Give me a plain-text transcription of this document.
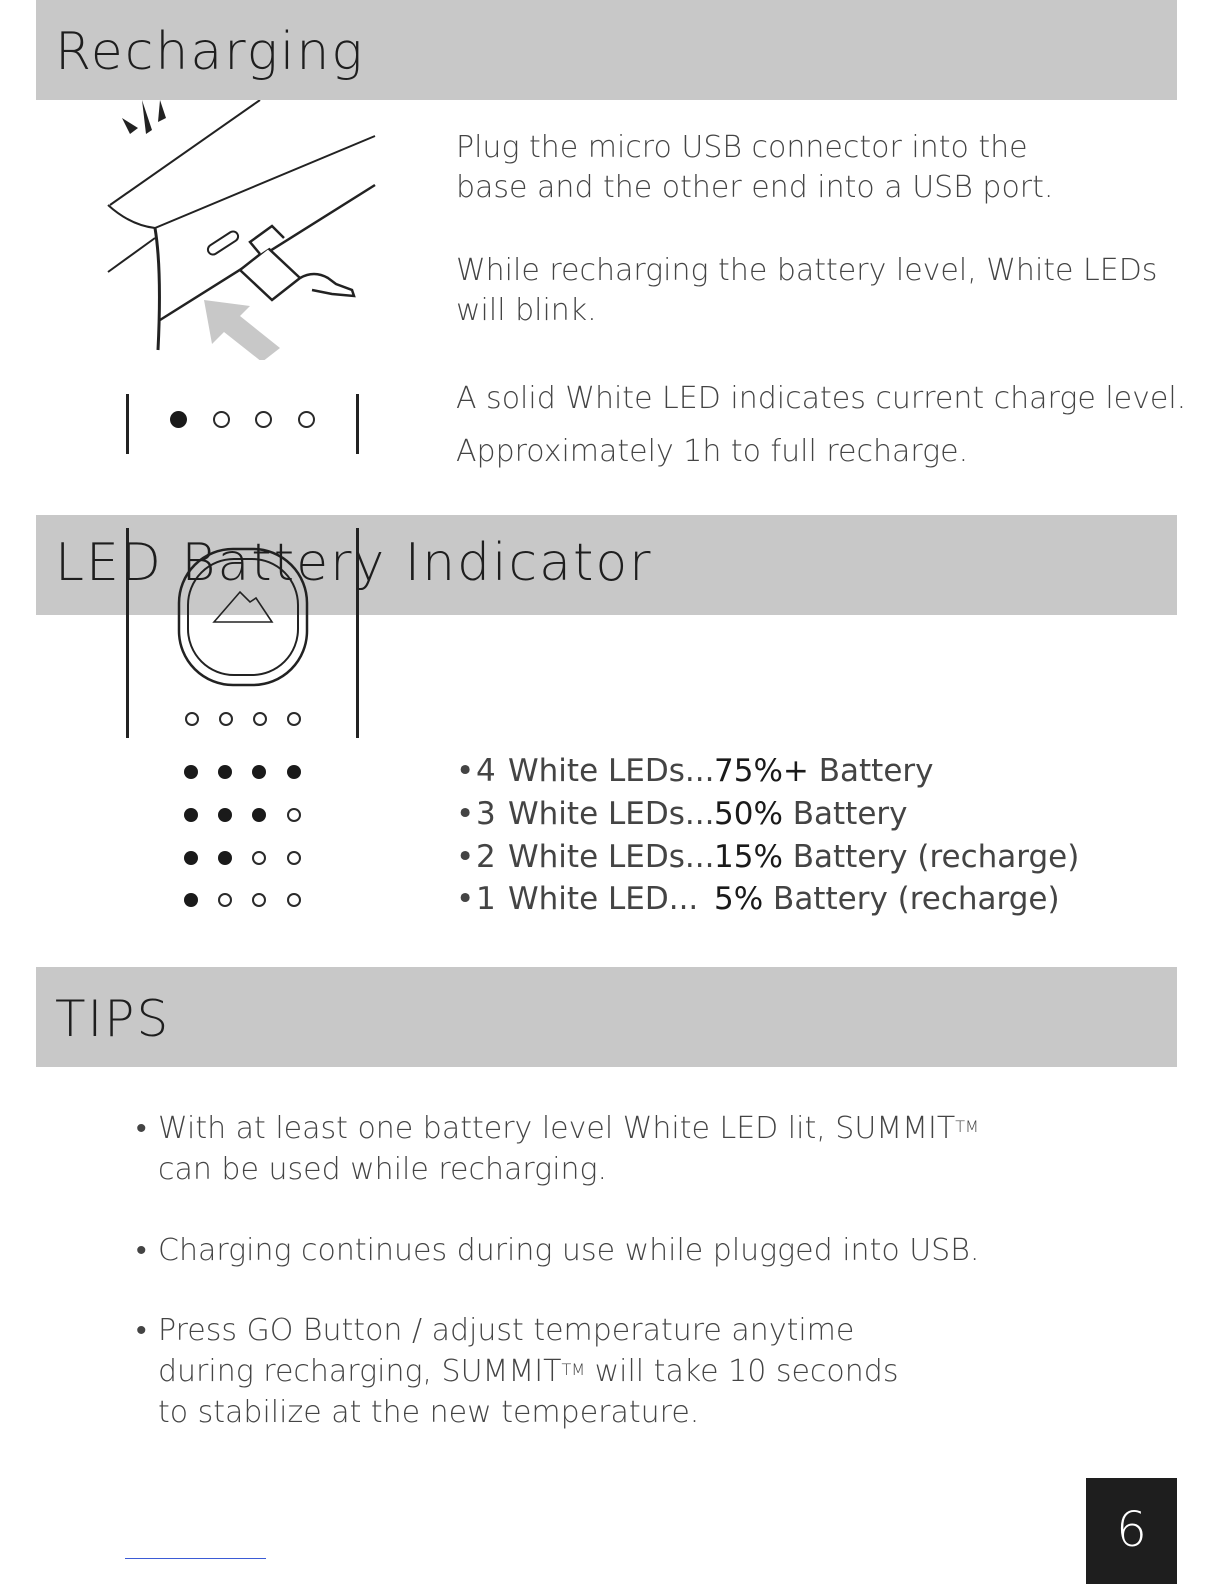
Recharging
Plug the micro USB connector into the
base and the other end into a USB port.
While recharging the battery level, White LEDs
will blink.
A solid White LED indicates current charge level.
Approximately 1h to full recharge.
LED Battery Indicator
•4 White LEDs...75%+ Battery
•3 White LEDs...50% Battery
•2 White LEDs...15% Battery (recharge)
•1 White LED... 5% Battery (recharge)
TIPS
• With at least one battery level White LED lit, SUMMIT™
can be used while recharging.
• Charging continues during use while plugged into USB.
• Press GO Button / adjust temperature anytime
during recharging, SUMMIT™ will take 10 seconds
to stabilize at the new temperature.
6
